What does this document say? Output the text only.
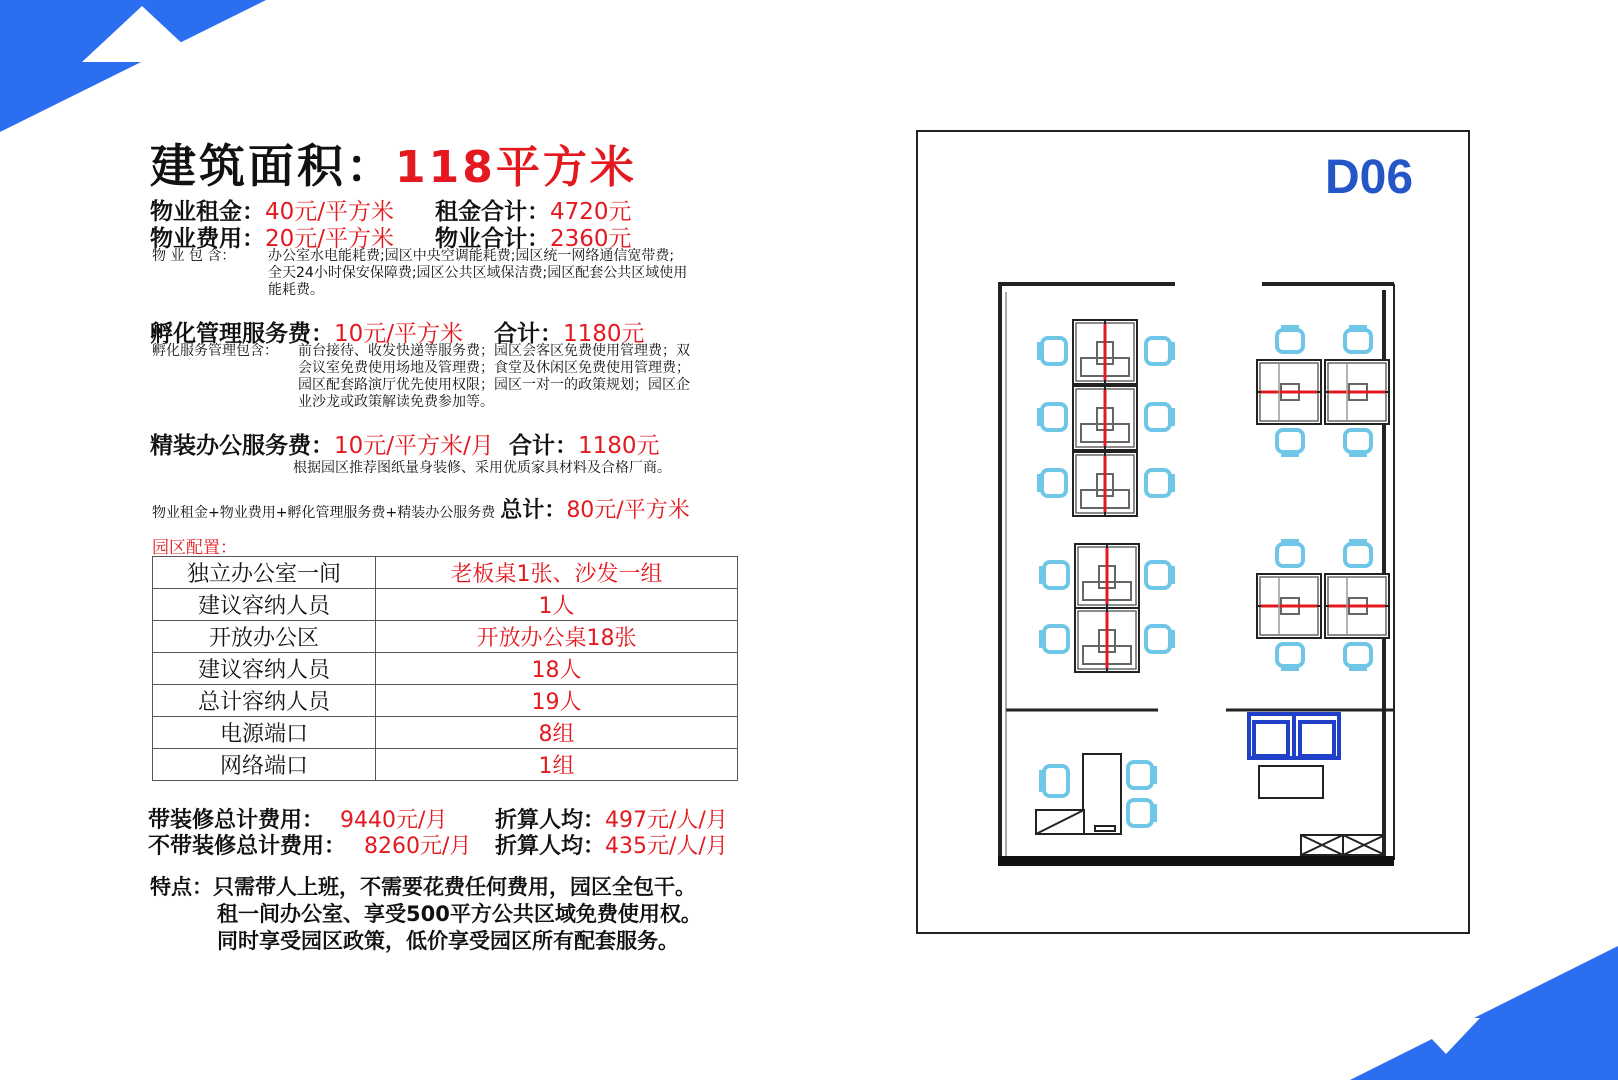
建筑面积：118平方米
物业租金：40元/平方米 租金合计：4720元
物业费用：20元/平方米 物业合计：2360元
物 业 包 含： 办公室水电能耗费;园区中央空调能耗费;园区统一网络通信宽带费;
全天24小时保安保障费;园区公共区域保洁费;园区配套公共区域使用
能耗费。
孵化管理服务费：10元/平方米 合计：1180元
孵化服务管理包含： 前台接待、收发快递等服务费；园区会客区免费使用管理费；双
会议室免费使用场地及管理费；食堂及休闲区免费使用管理费；
园区配套路演厅优先使用权限；园区一对一的政策规划；园区企
业沙龙或政策解读免费参加等。
精装办公服务费：10元/平方米/月 合计：1180元
根据园区推荐图纸量身装修、采用优质家具材料及合格厂商。
物业租金+物业费用+孵化管理服务费+精装办公服务费 总计：80元/平方米
园区配置：
独立办公室一间	老板桌1张、沙发一组
建议容纳人员	1人
开放办公区	开放办公桌18张
建议容纳人员	18人
总计容纳人员	19人
电源端口	8组
网络端口	1组
带装修总计费用： 9440元/月 折算人均：497元/人/月
不带装修总计费用： 8260元/月 折算人均：435元/人/月
特点：只需带人上班，不需要花费任何费用，园区全包干。
租一间办公室、享受500平方公共区域免费使用权。
同时享受园区政策，低价享受园区所有配套服务。
D06
